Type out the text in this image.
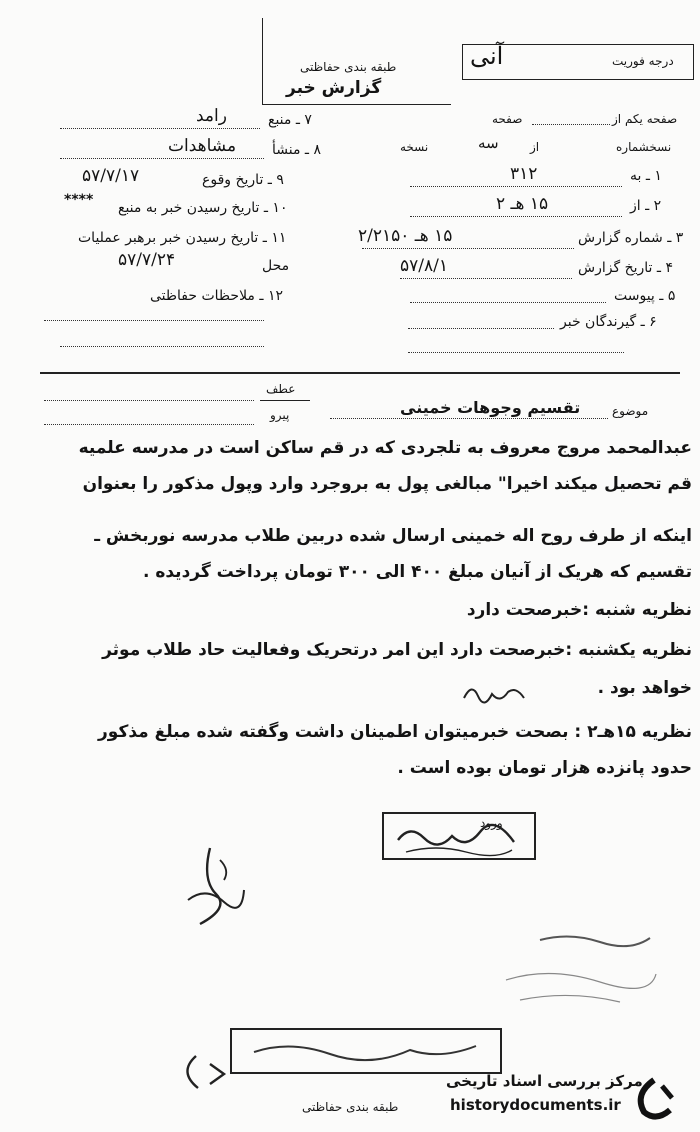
طبقه بندی حفاظتی
گزارش خبر
درجه فوریت
آنی
صفحه یکم از
صفحه
نسخشماره
از
سه
نسخه
۱ ـ به
۳۱۲
۲ ـ از
۱۵ هـ ۲
۳ ـ شماره گزارش
۱۵ هـ ۲/۲۱۵۰
۴ ـ تاریخ گزارش
۵۷/۸/۱
۵ ـ پیوست
۶ ـ گیرندگان خبر
۷ ـ منبع
رامد
۸ ـ منشأ
مشاهدات
۹ ـ تاریخ وقوع
۵۷/۷/۱۷
۱۰ ـ تاریخ رسیدن خبر به منبع
****
۱۱ ـ تاریخ رسیدن خبر برهبر عملیات
محل
۵۷/۷/۲۴
۱۲ ـ ملاحظات حفاظتی
موضوع
تقسیم وجوهات خمینی
عطف
پیرو
عبدالمحمد مروج معروف به تلجردی که در قم ساکن است در مدرسه علمیه
قم تحصیل میکند اخیرا" مبالغی پول به بروجرد وارد وپول مذکور را بعنوان
اینکه از طرف روح اله خمینی ارسال شده دربین طلاب مدرسه نوربخش ـ
تقسیم که هریک از آنیان مبلغ ۴۰۰ الی ۳۰۰ تومان پرداخت گردیده .
نظریه شنبه :خبرصحت دارد
نظریه یکشنبه :خبرصحت دارد این امر درتحریک وفعالیت حاد طلاب موثر
خواهد بود .
نظریه ۱۵هـ۲ : بصحت خبرمیتوان اطمینان داشت وگفته شده مبلغ مذکور
حدود پانزده هزار تومان بوده است .
ورود
طبقه بندی حفاظتی
مرکز بررسی اسناد تاریخی
historydocuments.ir
